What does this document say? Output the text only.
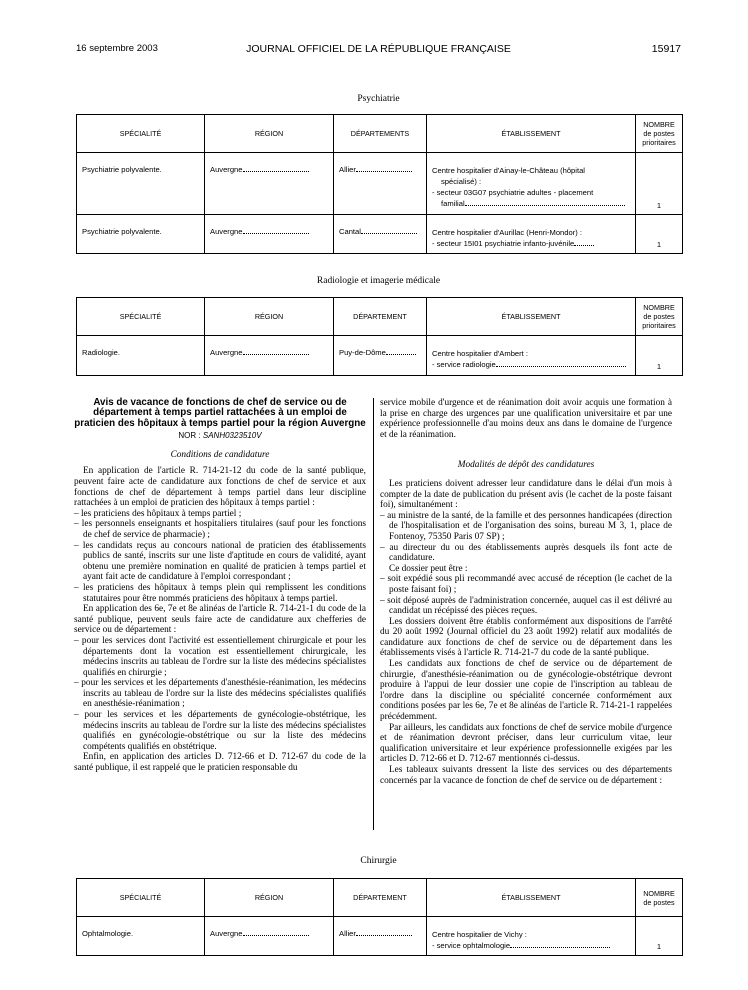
16 septembre 2003	JOURNAL OFFICIEL DE LA RÉPUBLIQUE FRANÇAISE	15917
Psychiatrie
SPÉCIALITÉ	RÉGION	DÉPARTEMENTS	ÉTABLISSEMENT	NOMBRE
de postes
prioritaires

Psychiatrie polyvalente.	Auvergne	Allier	Centre hospitalier d'Ainay-le-Château (hôpital
spécialisé) :
- secteur 03G07 psychiatrie adultes - placement
familial	1
Psychiatrie polyvalente.	Auvergne	Cantal	Centre hospitalier d'Aurillac (Henri-Mondor) :
- secteur 15I01 psychiatrie infanto-juvénile	1
Radiologie et imagerie médicale
SPÉCIALITÉ	RÉGION	DÉPARTEMENT	ÉTABLISSEMENT	NOMBRE
de postes
prioritaires

Radiologie.	Auvergne	Puy-de-Dôme	Centre hospitalier d'Ambert :
- service radiologie	1
Avis de vacance de fonctions de chef de service ou de département à temps partiel rattachées à un emploi de praticien des hôpitaux à temps partiel pour la région Auvergne
NOR : SANH0323510V
Conditions de candidature

En application de l'article R. 714-21-12 du code de la santé publique, peuvent faire acte de candidature aux fonctions de chef de service et aux fonctions de chef de département à temps partiel dans leur discipline rattachées à un emploi de praticien des hôpitaux à temps partiel :

– les praticiens des hôpitaux à temps partiel ;
– les personnels enseignants et hospitaliers titulaires (sauf pour les fonctions de chef de service de pharmacie) ;
– les candidats reçus au concours national de praticien des établissements publics de santé, inscrits sur une liste d'aptitude en cours de validité, ayant obtenu une première nomination en qualité de praticien à temps partiel et ayant fait acte de candidature à l'emploi correspondant ;
– les praticiens des hôpitaux à temps plein qui remplissent les conditions statutaires pour être nommés praticiens des hôpitaux à temps partiel.

En application des 6e, 7e et 8e alinéas de l'article R. 714-21-1 du code de la santé publique, peuvent seuls faire acte de candidature aux chefferies de service ou de département :

– pour les services dont l'activité est essentiellement chirurgicale et pour les départements dont la vocation est essentiellement chirurgicale, les médecins inscrits au tableau de l'ordre sur la liste des médecins spécialistes qualifiés en chirurgie ;
– pour les services et les départements d'anesthésie-réanimation, les médecins inscrits au tableau de l'ordre sur la liste des médecins spécialistes qualifiés en anesthésie-réanimation ;
– pour les services et les départements de gynécologie-obstétrique, les médecins inscrits au tableau de l'ordre sur la liste des médecins spécialistes qualifiés en gynécologie-obstétrique ou sur la liste des médecins compétents qualifiés en obstétrique.

Enfin, en application des articles D. 712-66 et D. 712-67 du code de la santé publique, il est rappelé que le praticien responsable du

service mobile d'urgence et de réanimation doit avoir acquis une formation à la prise en charge des urgences par une qualification universitaire et par une expérience professionnelle d'au moins deux ans dans le domaine de l'urgence et de la réanimation.

Modalités de dépôt des candidatures

Les praticiens doivent adresser leur candidature dans le délai d'un mois à compter de la date de publication du présent avis (le cachet de la poste faisant foi), simultanément :

– au ministre de la santé, de la famille et des personnes handicapées (direction de l'hospitalisation et de l'organisation des soins, bureau M 3, 1, place de Fontenoy, 75350 Paris 07 SP) ;
– au directeur du ou des établissements auprès desquels ils font acte de candidature.

Ce dossier peut être :

– soit expédié sous pli recommandé avec accusé de réception (le cachet de la poste faisant foi) ;
– soit déposé auprès de l'administration concernée, auquel cas il est délivré au candidat un récépissé des pièces reçues.

Les dossiers doivent être établis conformément aux dispositions de l'arrêté du 20 août 1992 (Journal officiel du 23 août 1992) relatif aux modalités de candidature aux fonctions de chef de service ou de département dans les établissements visés à l'article R. 714-21-7 du code de la santé publique.

Les candidats aux fonctions de chef de service ou de département de chirurgie, d'anesthésie-réanimation ou de gynécologie-obstétrique devront produire à l'appui de leur dossier une copie de l'inscription au tableau de l'ordre dans la discipline ou spécialité concernée conformément aux conditions posées par les 6e, 7e et 8e alinéas de l'article R. 714-21-1 rappelées précédemment.

Par ailleurs, les candidats aux fonctions de chef de service mobile d'urgence et de réanimation devront préciser, dans leur curriculum vitae, leur qualification universitaire et leur expérience professionnelle exigées par les articles D. 712-66 et D. 712-67 mentionnés ci-dessus.

Les tableaux suivants dressent la liste des services ou des départements concernés par la vacance de fonction de chef de service ou de département :

Chirurgie
SPÉCIALITÉ	RÉGION	DÉPARTEMENT	ÉTABLISSEMENT	NOMBRE
de postes

Ophtalmologie.	Auvergne	Allier	Centre hospitalier de Vichy :
- service ophtalmologie	1
